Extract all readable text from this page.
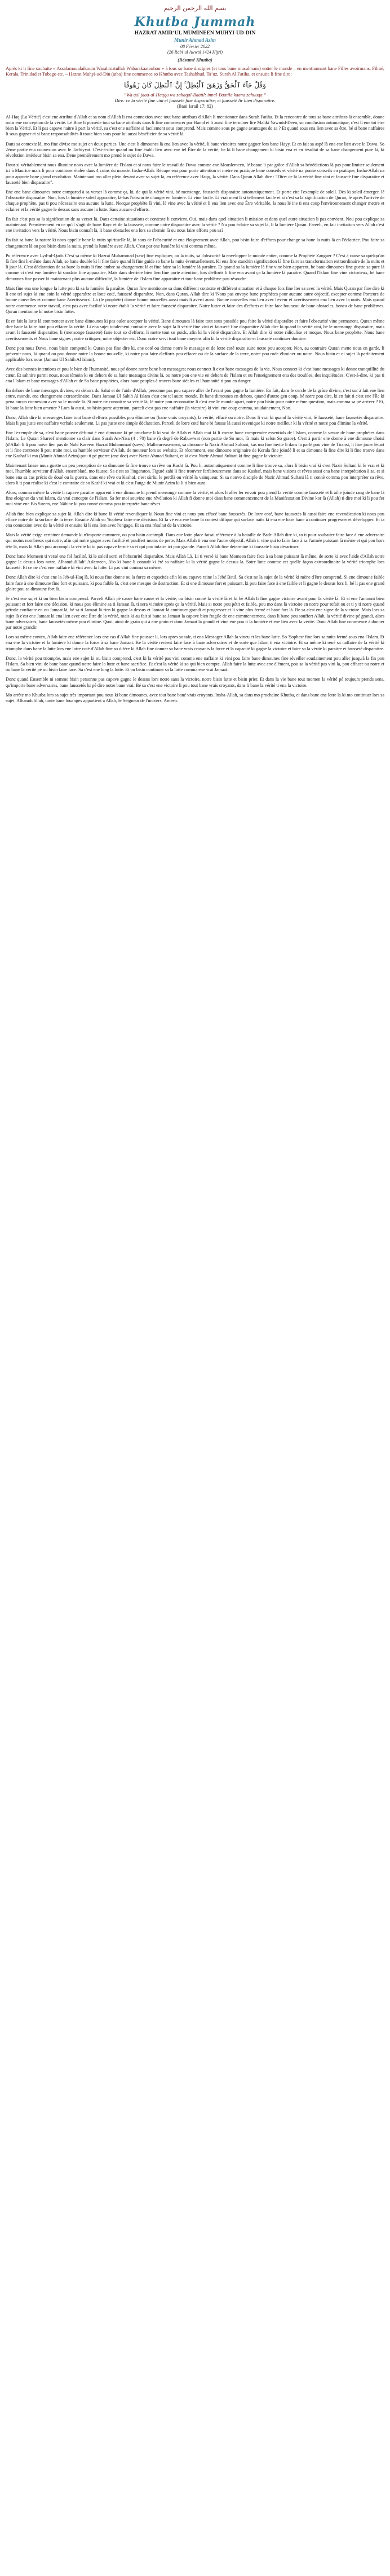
بسم الله الرحمن الرحيم
Khutba Jummah
HAZRAT AMIR’UL MUMINEEN MUHYI-UD-DIN
Munir Ahmad Azim
08 Février 2022
(26 Rabi’ul Awwal 1424 Hijri)
(Résumé Khutba)

Après ki li fine souhaite « Assalamoualaikoum Warahmatullah Wabarakaatouhou » à tous so bane disciples (et tous bane musulmans) entier le monde – en mentionnant bane Filles avoirmans, Filmé, Kerala, Trinidad et Tobago etc. – Hazrat Muhyi-ud-Din (atba) fine commence so Khutba avec Tashahhud, Ta’uz, Surah Al Fatiha, et ensuite li fine dire:

وَقُلْ جَآءَ ٱلْحَقُّ وَزَهَقَ ٱلْبَٰطِلُ ۚ إِنَّ ٱلْبَٰطِلَ كَانَ زَهُوقًا
“Wa qul jaaa-al-Haqqu wa zahaqal-Baatil: innal-Baatila kaana zahuuqa.”
Dire: ce la vérité fine vini et fausseté fine disparaitre; et fausseté lir bien disparaitre.
(Bani Israil 17: 82)

Al-Haq (La Vérité) c'est ene attribut d'Allah et sa nom d'Allah li ena connexion avec tout bane attributs d'Allah li mentionner dans Surah Fatiha. Et la rencontre de tous sa bane attributs là ensemble, donne nous ene conception de la vérité. Lé Bine li posséde tout sa bane attributs dans li fine commencer par Hamd et li aussi fine terminer lire Maliki Yawmid-Deen, so conclusion automatique, c'est li ene toi être bien la Vérité. Et li pas capave naitre à part la vérité, sa c'est ene naffaire si facilement sous comprend. Mais comme sous pe gagne avantages de sa ? Et quand sous ena lien avec sa être, bé si bane naffaires li sous gagner et si bane responsabilités li toute bien sous pour lui aussi bénéficier de sa vérité là.

Dans sa contexte là, mo fine divise mo sujet en deux parties. Une c'est li dimounes là ena lien avec la vérité, li bane victoires notre gagner lors bane Hayy. Et en fait sa aspé là ena ene lien avec le Dawa. So 2ème partie ena connexion avec le Tarbiyyat. C'est-à-dire quand ou fine établi lien avec ene tel Être de la vérité, be ki li bane changement ki bisin ena et en résultat de sa bane changement pure là, ki révolution intérieur bisin sa ena. Dene premièrement mo prend le sujet de Dawa.

Dour si véritablement nous illumine nous avec la lumière de l'Islam et si nous faire le travail de Dawa comme ene Mouslemeen, lé beane li par grâce d'Allah sa bénédictions là pas pour limiter seulement ici à Maurice mais li pour continuer étalée dans 4 coins du monde. Insha-Allah. Récupe ena pour porte attention et metre en pratique bane conseils et vérité na ponne conseils en pratique, Insha-Allah na pour apporte bane grand révolution. Maintenant mo aller plein devant avec sa sujet là, en référence avec Haqq, la vérité. Dans Quran Allah dire : “Dire: ce là la vérité fine vini et fausseté fine disparaitre et fausseté bien disparaitre”.

Ene ene bane dimounes notre compared à sa verset là comme ça, ki, de qui la vérité vini, bé mensonge, faussetés disparaitre automatiquement. Et porte cite l'exemple de soleil. Dès ki soleil émerger, lé l'obscurité disparaître. Non, lors la lumière soleil apparaître, là-bas l'obscurité changer en lumière. Li vine facile. Li vrai ment li si tellement facile et si c'est sa la signification de Quran, lé après l'arrivée de chaque prophète, pas ti pou nécessaire ena aucune la lutte. Necque prophète là vini, lé vine avec la vérité et li ena lien avec ene Être véritable, la nous lé ine ti ena coup l'environnement changer mettre et éclairer et la vérité gagne le dessus sans aucune la lutte. Sans aucune d'efforts.

En fait c'est pas sa la signification de sa verset là. Dans certaine situations et contexte li convient. Oui, mais dans quel situation li mission et dans quel autre situation li pas convient. Nou pou explique sa maintenant. Premièrement en ce qu'il s'agit de bane Rayc et de la fausseté, comme notre disparaitre avec la vérité ? Nu pou éclaire sa sujet là, li la lumière Quran. Fareeli, en fait invitation vers Allah c'est ene invitation vers la vérité. Nous bisin connaît là, li bane obstacles ena lors sa chemin là ou nous faire efforts pou sa?

En fait sa bane la nature ki nous appelle bane la nuits spirituelle là, ki sous de l'obscurité et ena éloignement avec Allah, pou bisin faire d'efforts pour change sa bane la nuits là en l'éclatrice. Pou faire sa changement là ou pou bisin dans la nuits, prend la lumière avec Allah. C'est par ene lumière ki vini comma même.

Pu référence avec Lyd-ul-Qadr. C'est sa même ki Hazrat Muhammad (saw) fine expliquer, ou la nuits, sa l'obscurité là envelopper le monde entier, comme la Prophète Zanguer ? C'est à cause sa quelqu'un là fine fini li-même dans Allah, so bane double ki li fine faire quand li fine guide so bane la nuits éventuellement. Ki ena fine standrin signification là fine faire sa transformation extraordinaire de la nuits et li jour là. C'est déclaration de sa bane la nuits li fine ambre sa changement là et fine faire sa la lumière là paraître. Et quand sa la lumière là fine vine bien apparent, be bane dimounes fine guette sa pure là comme ci c'est ene lumière ki soudain fine apparaitre. Mais dans derrière bien lien fine porte attention, lors d'efforts li fine ena avant ça la lumière là paraître. Quand l'Islam fine vine victorieux, bé bane dimounes fine passer ki maintenant plus aucune difficulté, la lumière de l'Islam fine apparaitre et tour bane problème pou résoudre.

Mais fine ena une longue la lutte pou ki sa la lumière là paraître. Quran fine mentionne sa dans différent contexte et différent situation et à chaque fois fine lier sa avec la vérité. Mais Quran par fine dire ki li ene tel sujet ki ene coin la vérité apparaître et lotte coté, fausseté disparaître. Non, dans Quran, Allah dire ki 'Nous pas envoye bane prophètes pour aucune autre objectif, excepter comme Porteurs de bonne nouvelles et comme bane Avertisseurs'. Là (le prophète) donne bonne nouvelles aussi mais li averti aussi. Bonne nouvelles ena lien avec l'éveur et avertissement ena lien avec la nuits. Mais quand notre commence notre travail, c'est pas avec facilité ki notre établi la vérité et faire fausseté disparaitre. Notre lutter et faire des d'efforts et faire face bouncou de bane obstacles, boncu de bane problèmes. Quran mentionne ki notre bisin lutter.

Et en fait la lutte là commencer avec bane dimounes ki pas ouler accepter la vérité. Bane dimounes là faire tout sous possible pou faire la vérité disparaître et faire l'obscurité vine permanent. Quran même dire bane la faire tout pou effacer la vérité. Li ena sujet totalement contraire avec le sujet là li vérité fine vini et fausseté fine disparaître Allah dire ki quand la vérité vini, bé le mensonge disparaitre, mais avant li fausseté disparaitre, li (mensonge fausseté) faire tout so d'efforts, li mette tout so poids, afin ki la vérité disparaître. Et Allah dire ki notre ridiculise et moque. Nous bane prophète, Nous bane avertissements et Nous bane signes ; notre critiquer, notre objecter etc. Donc notre servi tout bane moyens afin ki la vérité disparaitre et fausseté continuer domine.

Donc pou nous Dawa, nous bisin compend ki Quran pas fine dire ki, ene coté ou donne notre le message et de lotre coté toute suite notre pou accepter. Non, au contraire Quran mette nous en garde, li prévenir nous, ki quand ou pou donne notre la bonne nouvelle, ki notre pou faire d'efforts pou effacer ou de la surface de la terre, notre pou rode éliminer ou notre. Nous bisin et ni sujet là parfaitement applicable lors nous (Jamaat Ul Sahih Al Islam).

Avec des bonnes intentions et pou le bien de l'humanité, nous pé donne notre bane bon messages; nous connect li c'est bane messages de la vie. Nous connect ki c'est bane messages ki donne tranquillité du cœur. Et sahnire parmi nous, nous tèmoin ki en dehors de sa bane messages divins là, ou notre pou ene vie en dehors de l'Islam et ou l'enseignement ena des troubles, des inquiétudes. C'est-à-dire, ki pas ti ena l'Islam et bane messages d'Allah et de So bane prophètes, alors bane peuples à travers bane siècles et l'humanité ti pou en danger.

En dehors de bane messages divines, en dehors du Salut et de l'aide d'Allah, personne pas pou capave aller de l'avant pou gagne la lumière. En fait, dans le cercle de la grâce divine, c'est sur à fait ene lien entre, monde, ene changement extraordinaire. Dans Jamaat Ul Sahih Al Islam c'est ene tel autre monde. Et bane dimounes en dehors, quand d'autre gen coup, bé notre pou dire, ki en fait ti c'est ene l'Île ki pena aucun connexion avec sa le monde là. Si notre ne connaître sa vérité là, lé notre pou reconnaitre li c'est ene le monde apart, notre pou bisin pour notre même question, mais comma sa pé arriver ? Et, ki bane la lutte bien amener ? Lors là aussi, ou bisin porte attention, parceli c'est pas ene naffaire (la victoire) ki vini ene coup comma, soudainement, Non.

Donc, Allah dire ki messenges faire tout bane d'efforts possibles pou élimine ou (bane vrais croyants), la vérité, effacé ou notre. Donc li vrai ki quand la vérité vini, lé fausseté, bane faussetés disparaitre. Mais li pas juste ene naffaire verbale seulement. Li pas juste ene simple déclaration. Parceli de lotre coté bane bi fausse là aussi revenique ki notre meilleur ki la vérité et notre pou élimine la vérité.

Ene l'exemple de sa, c'est bane pauvre défunat é ene dimoune ki pé proclame li ki vrai de Allah et Allah mai ki li contre bane comprendre essentials de l'Islam, comme la venue de bane prophètes dans l'Islam. Le Quran Shareef mentionne sa clair dans Surah An-Nisa (4 : 70) bane (à degré de Rabuwwat (non partie de So moi, là mais ki selon So grace). C'est à partir ene donne à ene dimoune choisi (d'Allah li li pou naive lien pas de Nabi Kareem Hazrat Muhammad (saws). Malheureusement, sa dimoune là Nazir Ahmad Sultani, kas mo fine invite li dans la parlè pou vine de Tiranst, li fine jouer lécart et li fine contreste li pou traite moi, sa humble serviteur d'Allah, de meuteur lors so website. Et récemment, ene dimoune originaire de Kerala fine joindé li et sa dimoune là fine dire ki li fine trouve dans ene Kashaf ki mo (Munir Ahmad Azim) pou ti pé guerre (ene doc) avec Nazir Ahmad Sultani, et ki c'est Nazir Ahmad Sultani ki fine gagne la victoire.

Maintenant laisse nous guette un peu perception de sa dimoune là fine trouve sa rêve ou Kasht là. Pou li, automatiquement comme li fine trouve sa, alors li bisin vrai ki c'est Nazir Sultani ki le vrai et ki moi, l'humble serviteur d'Allah, ensemblaté, mo fausse. Sa c'est so l'ingeraton. Figurè zahi li fine trouvrer farfaiteurement dans so Kashaf, mais bane visions et rêves aussi ena bane interprétation à sa, et si bane ena sa cas précis de doué ou la guerra, dans ene rêve ou Kashaf, c'est sùrlui le perdlà ou vérité la vainqueur. Si sa nouvo disciple de Nazir Ahmad Sultani là ti connè comma pou interpréter sa rêve, alors li ti pou réalise ki c'est le contraire de so Kashf ki vrai et ki c'est l'ange de Munir Azim ki li ti bien aura.

Alors, comma même la vérité li capave paraitre apparent à ene dimoune ki prend mensonge comme la vérité, et alors li aller fer envoir pou prend la vérité comme fausseté et li aille joinde rang de bane là fine eloigner du vrai Islam, du vrai concepte de l'Islam. Sa fer moi souvine ene révélation ki Allah fi donne moi dans bane commencement de la Manifestation Divine kor là (Allah) ti dire moi ki li pou fer moi vine ene Bis Sireen, ene Nâbine ki pou conné comma pou interpréte bane rêves.

Allah fine bien explique sa sujet là. Allah dire ki bane là vérité revendiquer ki Noun fine vini et nous pou effacé bane faussetés. De lotre coté, bane faussetés là aussi faire ene revendication ki nous pou effacé notre de la surface de la terre. Ensuite Allah su 'Sophesr faire ene décision. Et Ia vé ena ene bane la contest difique qui surface naits ki ena ene lotre bane à continuer progresser et développer. Et ia ena connexion avec de la vérité et ensuite ki li ena lien avec l'engage. Et sa ena résultat de la victoire.

Mais la vérité exige certainer demande ki n'importe comment, ou pou bisin accompli. Dans ene lotte place fatsai référence à la bataille de Badr. Allah dire ki, to ti pour souhaiter faire face à ene adversaire qui moins nombreux qui notre, afin qui notre gagne avec facilité et pouffert moins de perte. Mais Allah ti ena ene l'autre objectif. Allah ti vine qui to faire face à sa l'armée puissant là même et qui pou hors tête là, mais ki Allah pou accompli la vérité ki to pas capave fermé sa et qui pou infaire ici pou grande. Parceli Allah fine determine ki fausseté bisin désarimer.

Donc bane Momeen ti versé ene fol facilité, ki le soleil sorti et l'obscurité disparaître. Mais Allah Là, Li ti versé ki bane Momeen faire face à sa bane puissant là même, de sorte ki avec l'aide d'Allah notre gagne le dessus lors notre. Alhamdulillah! Aslemeen, Abs ki bane li connaît ki éré sa naffaire ki la vérité gagne le dessus la. Sotre lutte comme cet quelle façon extraordinaire la vérité triomphe lors fausseté. Et ce ne c'est ene naffaire ki vini avec la lutte. Li pas vini comma sa même.

Donc Allah dire ki c'est ene la Jeb-ul-Haq là, ki nous fine donne ou la force et capacités afin ki ou capave raine la Jebé Batil. Sa c'est ne la sujet de la vérité ki mène d'être comprend. Si ene dimoune faible faire face à ene dimoune fine fort et puissant, ki pou faible là, c'est ene mesque de destruction. Et si ene dimoune fort et puissant, ki pou faire face à ene faible et li gagne le dessus lors li, bé li pas ene grand gloire pou sa dimoune fort là.

Je c'est ene sujet ki ou bien bisin comprend. Parceli Allah pé cause bane cause et la vérité, ou bisin connè la vérité là et ki bé Allah li fine gagne victoire avant pour la vérité là. Et si ene l'amouni bien puissant et fort faire ene décision, ki nous pou élimine sa ti Jamaat là, ti sera victoire après ça la vérité. Mais si notre pou pétit et faible, pou mo dans là victoire en notre pour refait ou et ti y ti notre quand pétrole confiante en ou Jamaat là, bé sa ti Jamaat là rien ki gagne la dessus et Jamaat là continuer grandi et progresser et li vine plus fermé et bane fort là. Be sa c'est ene signe de la victoire. Mais lors sa sujet là c'est ene Jamaat ki ena lien avec ene Être de la vérité, mais ki au fait si bane sa Jamaat la capave bien fragile de ene commencement, dans li bane pou souffert Allah, la vérité divine pé grandi, alors bane adversaires, bane faussetés même pou éliminé. Quoi, ainsi de grain qui à ene grain et donc Jamaat là grandi et vine ene pou ti la lumière et ene lien avec la vérité. Donc Allah fine commencé à donner par notre grandir.

Lors sa même contex, Allah faire ene référence lors ene cas d'Allah fine pousser li, lors apres so tale, ti ena Messager Allah la vineu et les bane lutte. So 'Sophesr fine lors sa nuits fermé sous ena l'Islam. Et ena ene la victoire et la lumière ki donne la force à sa bane Jamaat. Ke la vérité revient faire face à bane adversaires et de sorte que Islam ti ena victoire. Et sa même ki rené sa naffaire de la vérité ki triomphe dans bane la lutte lors ene lotre coté d'Allah fine so difére ki Allah fine donner sa bane vrais croyants la force et la capacité ki gagne la victoire et faire sa la vérité ki paraitre et fausseté disparaitre.

Donc, la vérité pou triomphe, mais ene sujet ki ou bisin comprend, c'est ki la vérité pas vini comma ene naffaire ki vini pou faire bane dimounes fine réveiller soudainement pou aller jusqu'à la fin pou l'Islam. Sa bien vini de bane bane quand notre faire la lutte et bane sacrifice. Et c'est la vérité ki so qui bien compte. Allah faire la lutte avec ene élément, pou sa la vérité pas vini la, pou effacer ou notre et ou bane la vérité pé ou bisin faire face. Sa c'est ene long la lutte. Et ou bisin continuer sa la lutte comma ene vrai Jamaat.

Donc quand Ensemble ni somme bisin personne pas capave gagne le dessus lors notre sans la victoire, notre bisin lutte et bisin prier. Et dans la vie bane tout momen la vérité pé toujours prends sens, qu'importe bane adversaires, bane faussetés ki pé dire notre bane vrai. Bé sa c'est ene victoire li pou tout bane vrais croyants, dans li bane la vérité ti ena la victoire.

Mo arrête mo Khutba lors sa sujet très important pou nous ki bane dimounes, avec tout bane bané vrais croyants. Insha-Allah, sa dans mo prochaine Khutba, et dans bane ene lotre la ki mo continuer lors sa sujet. Alhamdulillah, toute bane louanges appartient à Allah, le Seigneur de l'univers. Ameen.
